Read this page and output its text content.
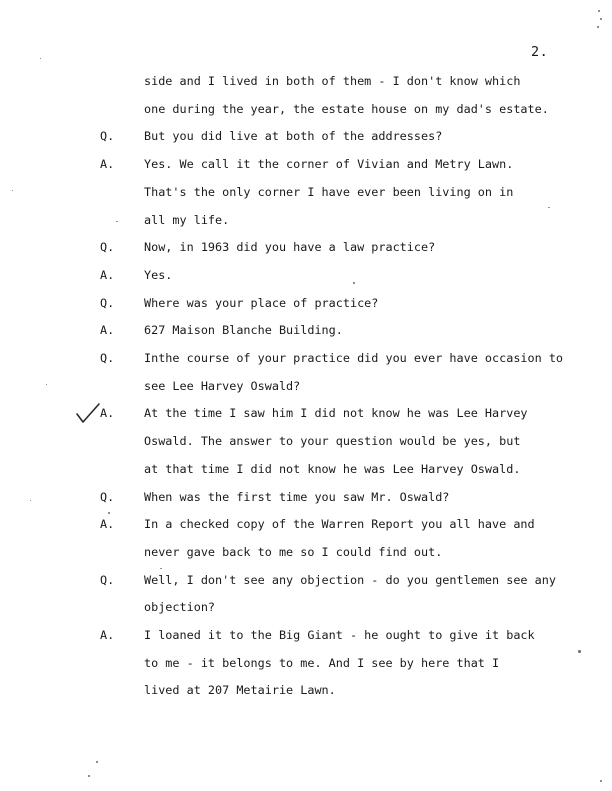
2.
side and I lived in both of them - I don't know which
one during the year, the estate house on my dad's estate.
Q.	But you did live at both of the addresses?
A.	Yes. We call it the corner of Vivian and Metry Lawn.
That's the only corner I have ever been living on in
all my life.
Q.	Now, in 1963 did you have a law practice?
A.	Yes.
Q.	Where was your place of practice?
A.	627 Maison Blanche Building.
Q.	Inthe course of your practice did you ever have occasion to
see Lee Harvey Oswald?
A.	At the time I saw him I did not know he was Lee Harvey
Oswald. The answer to your question would be yes, but
at that time I did not know he was Lee Harvey Oswald.
Q.	When was the first time you saw Mr. Oswald?
A.	In a checked copy of the Warren Report you all have and
never gave back to me so I could find out.
Q.	Well, I don't see any objection - do you gentlemen see any
objection?
A.	I loaned it to the Big Giant - he ought to give it back
to me - it belongs to me. And I see by here that I
lived at 207 Metairie Lawn.
